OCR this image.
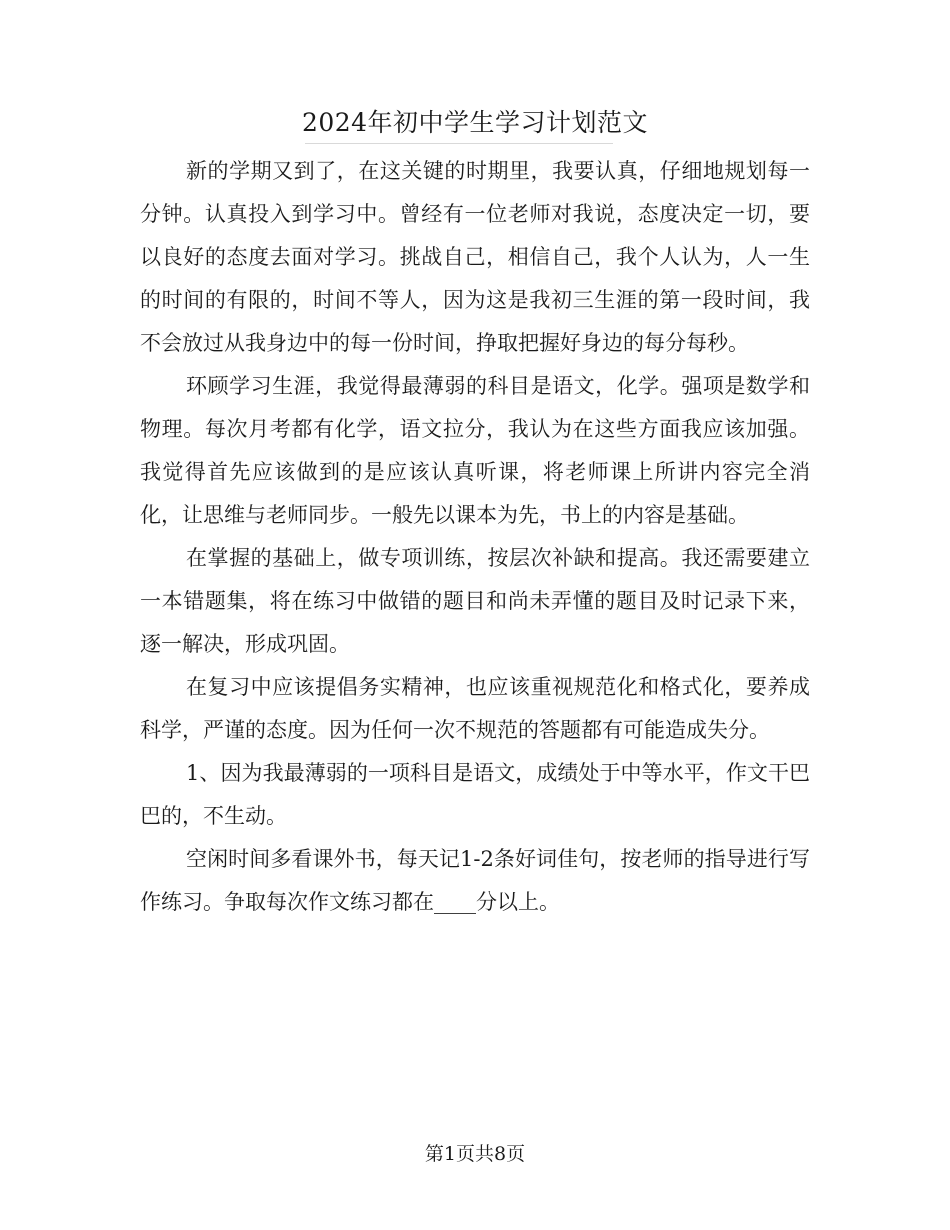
2024年初中学生学习计划范文

新的学期又到了，在这关键的时期里，我要认真，仔细地规划每一分钟。认真投入到学习中。曾经有一位老师对我说，态度决定一切，要以良好的态度去面对学习。挑战自己，相信自己，我个人认为，人一生的时间的有限的，时间不等人，因为这是我初三生涯的第一段时间，我不会放过从我身边中的每一份时间，挣取把握好身边的每分每秒。

环顾学习生涯，我觉得最薄弱的科目是语文，化学。强项是数学和物理。每次月考都有化学，语文拉分，我认为在这些方面我应该加强。我觉得首先应该做到的是应该认真听课，将老师课上所讲内容完全消化，让思维与老师同步。一般先以课本为先，书上的内容是基础。

在掌握的基础上，做专项训练，按层次补缺和提高。我还需要建立一本错题集，将在练习中做错的题目和尚未弄懂的题目及时记录下来，逐一解决，形成巩固。

在复习中应该提倡务实精神，也应该重视规范化和格式化，要养成科学，严谨的态度。因为任何一次不规范的答题都有可能造成失分。

1、因为我最薄弱的一项科目是语文，成绩处于中等水平，作文干巴巴的，不生动。

空闲时间多看课外书，每天记1-2条好词佳句，按老师的指导进行写作练习。争取每次作文练习都在____分以上。

第1页共8页
